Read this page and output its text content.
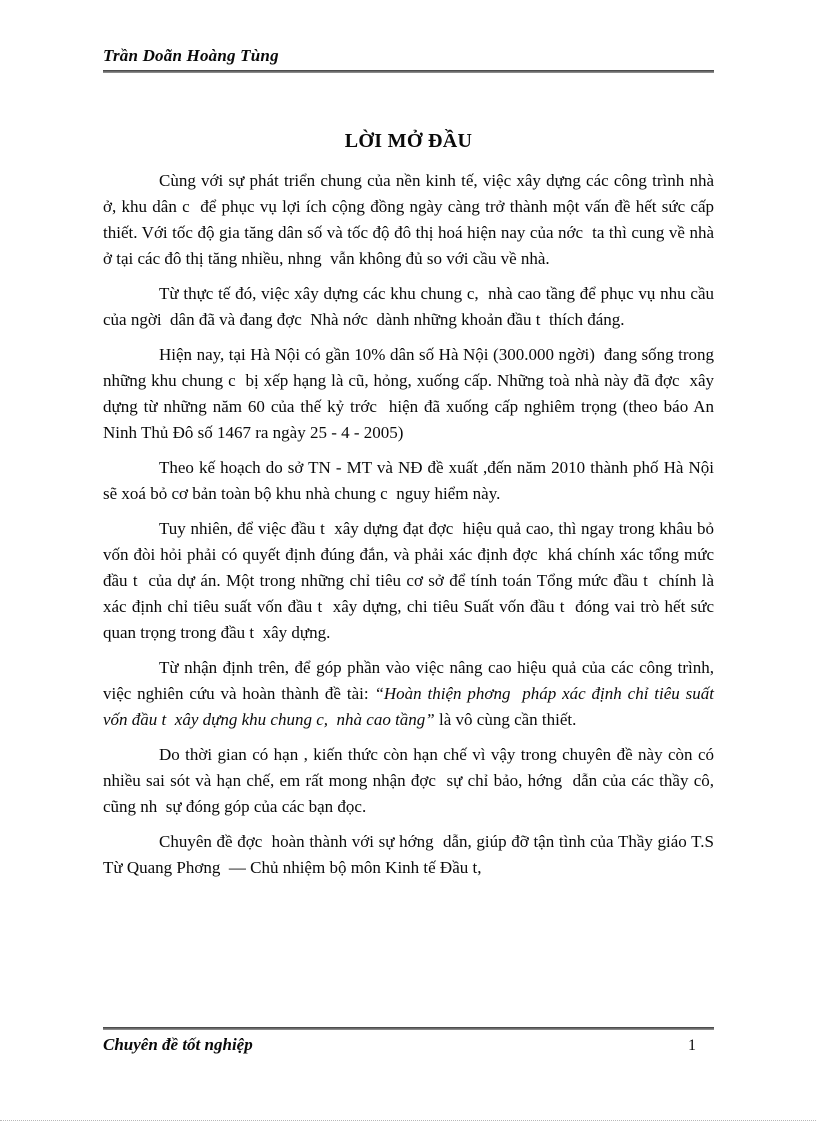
Trần Doãn Hoàng Tùng
LỜI MỞ ĐẦU

Cùng với sự phát triển chung của nền kinh tế, việc xây dựng các công trình nhà ở, khu dân c  để phục vụ lợi ích cộng đồng ngày càng trở thành một vấn đề hết sức cấp thiết. Với tốc độ gia tăng dân số và tốc độ đô thị hoá hiện nay của nớc  ta thì cung về nhà ở tại các đô thị tăng nhiều, nhng  vẫn không đủ so với cầu về nhà.

Từ thực tế đó, việc xây dựng các khu chung c,  nhà cao tầng để phục vụ nhu cầu của ngời  dân đã và đang đợc  Nhà nớc  dành những khoản đầu t  thích đáng.

Hiện nay, tại Hà Nội có gần 10% dân số Hà Nội (300.000 ngời)  đang sống trong những khu chung c  bị xếp hạng là cũ, hỏng, xuống cấp. Những toà nhà này đã đợc  xây dựng từ những năm 60 của thế kỷ trớc  hiện đã xuống cấp nghiêm trọng (theo báo An Ninh Thủ Đô số 1467 ra ngày 25 - 4 - 2005)

Theo kế hoạch do sở TN - MT và NĐ đề xuất ,đến năm 2010 thành phố Hà Nội sẽ xoá bỏ cơ bản toàn bộ khu nhà chung c  nguy hiểm này.

Tuy nhiên, để việc đầu t  xây dựng đạt đợc  hiệu quả cao, thì ngay trong khâu bỏ vốn đòi hỏi phải có quyết định đúng đắn, và phải xác định đợc  khá chính xác tổng mức đầu t  của dự án. Một trong những chỉ tiêu cơ sở để tính toán Tổng mức đầu t  chính là xác định chỉ tiêu suất vốn đầu t  xây dựng, chi tiêu Suất vốn đầu t  đóng vai trò hết sức quan trọng trong đầu t  xây dựng.

Từ nhận định trên, để góp phần vào việc nâng cao hiệu quả của các công trình, việc nghiên cứu và hoàn thành đề tài: “Hoàn thiện phơng  pháp xác định chỉ tiêu suất vốn đầu t  xây dựng khu chung c,  nhà cao tầng” là vô cùng cần thiết.

Do thời gian có hạn , kiến thức còn hạn chế vì vậy trong chuyên đề này còn có nhiều sai sót và hạn chế, em rất mong nhận đợc  sự chỉ bảo, hớng  dẫn của các thầy cô, cũng nh  sự đóng góp của các bạn đọc.

Chuyên đề đợc  hoàn thành với sự hớng  dẫn, giúp đỡ tận tình của Thầy giáo T.S Từ Quang Phơng  — Chủ nhiệm bộ môn Kinh tế Đầu t,

Chuyên đề tốt nghiệp	1
